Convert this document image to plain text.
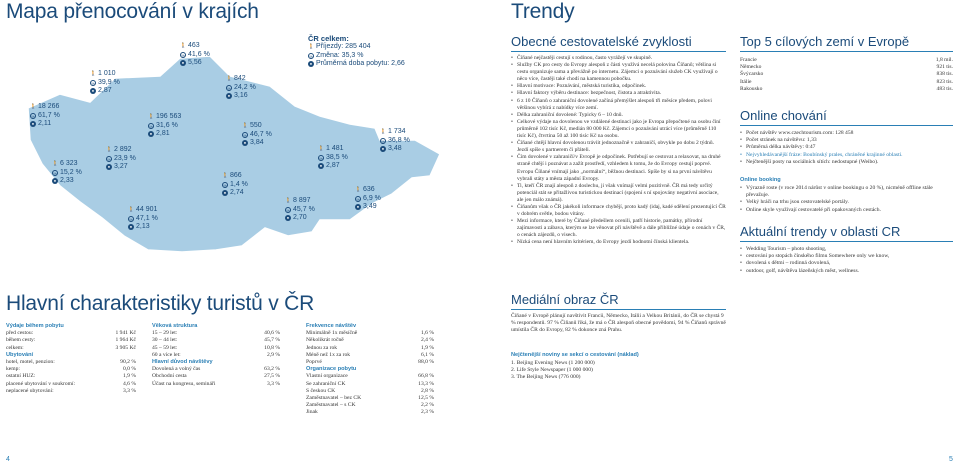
Mapa přenocování v krajích
ČR celkem:
🚶 Příjezdy: 285 404
% Změna: 35,3 %
● Průměrná doba pobytu: 2,66
🚶 18 266
% 61,7 %
● 2,11
🚶 1 010
% 39,9 %
● 2,87
🚶 463
% 41,6 %
● 5,56
🚶 842
% 24,2 %
● 3,16
🚶 196 563
% 31,6 %
● 2,81
🚶 550
% 46,7 %
● 3,84
🚶 2 892
% 23,9 %
● 3,27
🚶 6 323
% 15,2 %
● 2,33
🚶 866
% 1,4 %
● 2,74
🚶 1 481
% 38,5 %
● 2,87
🚶 1 734
% 36,8 %
● 3,48
🚶 636
% 6,9 %
● 3,49
🚶 8 897
% 45,7 %
● 2,70
🚶 44 901
% 47,1 %
● 2,13
Hlavní charakteristiky turistů v ČR
Výdaje během pobytu
před cestou:	1 941 Kč
během cesty:	1 964 Kč
celkem:	3 905 Kč
Ubytování
hotel, motel, penzion:	90,2 %
kemp:	0,0 %
ostatní HUZ:	1,9 %
placené ubytování v soukromí:	4,6 %
neplacené ubytování:	3,3 %
Věková struktura
15 – 29 let:	40,6 %
30 – 44 let:	45,7 %
45 – 59 let:	10,8 %
60 a více let:	2,9 %
Hlavní důvod návštěvy
Dovolená a volný čas	63,2 %
Obchodní cesta	27,5 %
Účast na kongresu, semináři	3,3 %
Frekvence návštěv
Minimálně 1x měsíčně	1,6 %
Několikrát ročně	2,4 %
Jednou za rok	1,9 %
Méně než 1x za rok	6,1 %
Poprvé	88,0 %
Organizace pobytu
Vlastní organizace	66,8 %
Se zahraniční CK	13,3 %
S českou CK	2,8 %
Zaměstnavatel – bez CK	12,5 %
Zaměstnavatel – s CK	2,2 %
Jinak	2,3 %
4
Trendy
Obecné cestovatelské zvyklosti
• Číňané nejčastěji cestují s rodinou, často vyrážejí ve skupině.
• Služby CK pro cesty do Evropy alespoň z části využívá necelá polovina Číňanů; většina si cestu organizuje sama a převážně po internetu. Zájemci o poznávání služeb CK využívají o něco více, častěji také chodí na kamennou pobočku.
• Hlavní motivace: Poznávání, městská turistika, odpočinek.
• Hlavní faktory výběru destinace: bezpečnost, čistota a atraktivita.
• 6 z 10 Číňanů o zahraniční dovolené začíná přemýšlet alespoň tři měsíce předem, polovi většinou vybírá z nabídky více zemí.
• Délka zahraniční dovolené: Typicky 6 – 10 dnů.
• Celkové výdaje na dovolenou ve vzdálené destinaci jako je Evropa přepočtené na osobu činí průměrně 102 tisíc Kč, medián 80 000 Kč. Zájemci o poznávání utrácí více (průměrně 110 tisíc Kč), čtvrtina 50 až 100 tisíc Kč na osobu.
• Číňané chtějí hlavní dovolenou tráviit jednoznačně v zahraničí, obvykle po dobu 2 týdnů. Jezdí spíše s partnerem či přáteli.
• Čím dovolené v zahraničí/v Evropě je odpočinek. Potřebují se cestovat a relaxovat, na druhé straně chtějí i poznávat a zažít prostředí, vzhledem k tomu, že do Evropy cestují poprvé. Evropu Číňané vnímají jako „normální“, běžnou destinaci. Spíše by si na první návštěvu vybrali státy a města západní Evropy.
• Ti, kteří ČR znají alespoň z doslechu, ji však vnímají velmi pozitivně. ČR má tedy určitý potenciál stát se přitažlivou turistickou destinací (spojení s ní spojovány negativní asociace, ale jen málo známá).
• Čiňanům však o ČR jakékoli informace chybějí, proto kadý (idaj, kadé sdělení prezentující ČR v dobrém světle, bodou vítány.
• Mezi informace, které by Čiňané předešlem ocenili, patří historie, památky, přírodní zajímavosti a zábava, kterým se lze věnovat při návštěvě a dále přibližné údaje o cenách v ČR, o cenách zájezdů, o visech.
• Nízká cena není hlavním kritériem, do Evropy jezdí hodnotní čínská klientela.
Mediální obraz ČR
Číňané v Evropě plánují navštívit Francii, Německo, Itálii a Velkou Británii, do ČR se chystá 9 % respondentů. 97 % Čiňanů říká, že má o ČR alespoň obecné povědomí, 94 % Čiňanů správně umístila ČR do Evropy, 82 % dokonce zná Prahu.
Nejčtenější noviny se sekcí o cestování (náklad)
1. Beijing Evening News (1 200 000)
2. Life Style Newspaper (1 000 000)
3. The Beijing News (776 000)
Top 5 cílových zemí v Evropě
Francie	1,8 mil.
Německo	921 tis.
Švýcarsko	838 tis.
Itálie	823 tis.
Rakousko	483 tis.
Online chování
• Počet návštěv www.czechtourism.com: 128 458
• Počet stránek na návštěvu: 1,33
• Průměrná délka návštěvy: 0:47
• Nejvyhledávanější fráze: Boubínský prales, chráněné krajinné oblasti.
• Nejčtenější posty na sociálních sítích: nedostupné (Weibo).
Online booking
• Výrazně roste (v roce 2014 nárůst v online bookingu o 20 %), nicméně offline stále převažuje.
• Velký hráči na trhu jsou cestovatelské portály.
• Online skyle využívají cestovatelé při opakovaných cestách.
Aktuální trendy v oblasti CR
• Wedding Tourism – photo shooting,
• cestování po stopách čínského filmu Somewhere only we know,
• dovolená s dětmi – rodinná dovolená,
• outdoor, golf, návštěva lázeňských měst, wellness.
5
